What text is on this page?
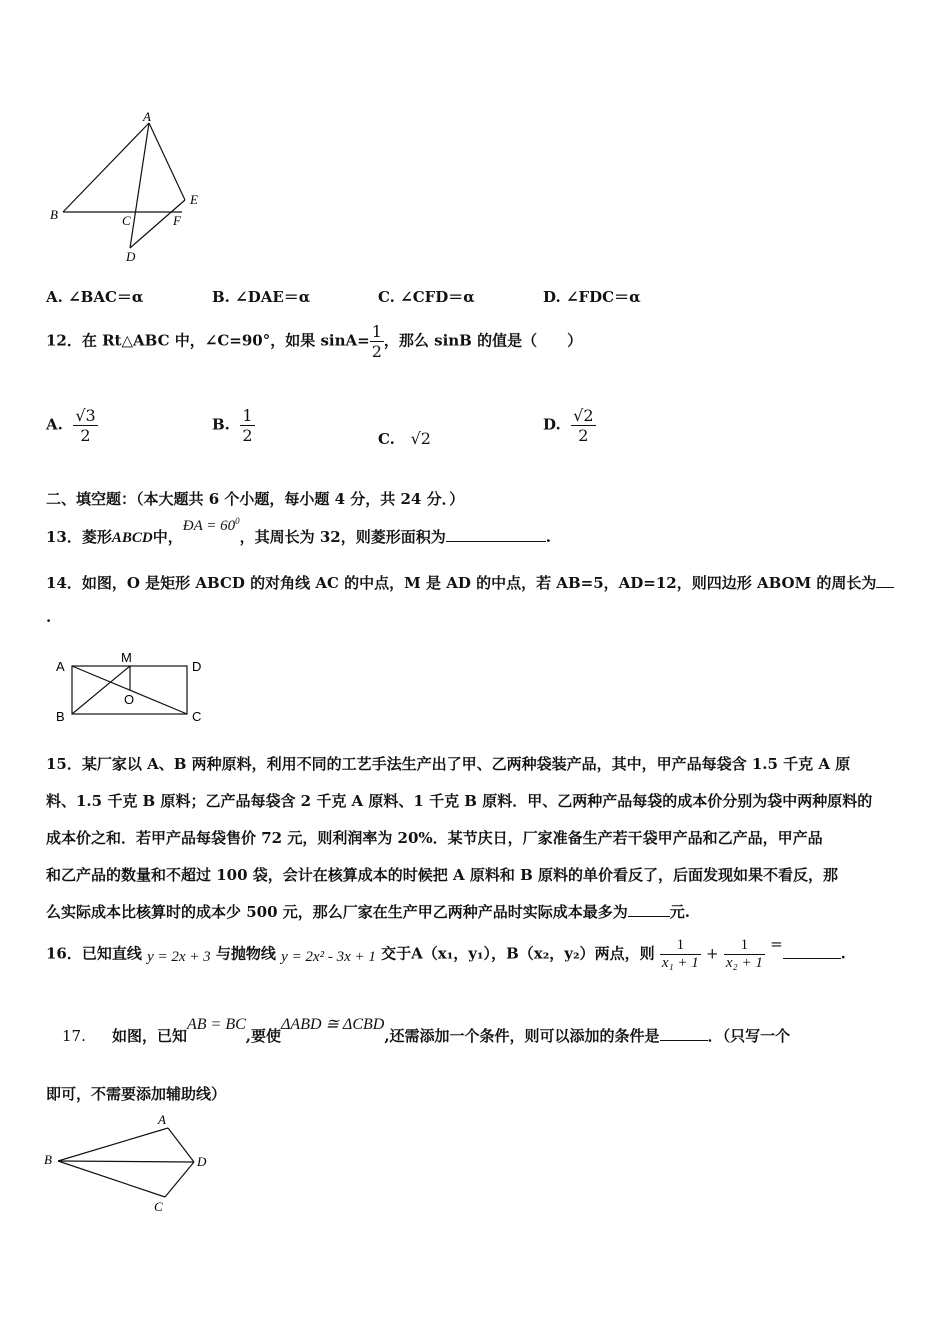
A
B	C
D
E
F
A. ∠BAC＝α	B. ∠DAE＝α	C. ∠CFD＝α	D. ∠FDC＝α
12．在 Rt△ABC 中，∠C=90°，如果 $\sin A= \frac{1}{2}$ ，那么 sinB 的值是（　　）
A. $\frac{√3}{2}$	B. $\frac{1}{2}$	C. √2
D. $\frac{√2}{2}$
二、填空题：（本大题共 6 个小题，每小题 4 分，共 24 分．）
13．菱形ABCD中，ÐA = $60^0$，其周长为 32，则菱形面积为	.
14．如图，O 是矩形 ABCD 的对角线 AC 的中点，M 是 AD 的中点，若 AB=5，AD=12，则四边形 ABOM 的周长为
.
A
M
D
O
B	C
15．某厂家以 A、B 两种原料，利用不同的工艺手法生产出了甲、乙两种袋装产品，其中，甲产品每袋含 1.5 千克 A 原
料、1.5 千克 B 原料；乙产品每袋含 2 千克 A 原料、1 千克 B 原料．甲、乙两种产品每袋的成本价分别为袋中两种原料的
成本价之和．若甲产品每袋售价 72 元，则利润率为 20%．某节庆日，厂家准备生产若干袋甲产品和乙产品，甲产品
和乙产品的数量和不超过 100 袋，会计在核算成本的时候把 A 原料和 B 原料的单价看反了，后面发现如果不看反，那
么实际成本比核算时的成本少 500 元，那么厂家在生产甲乙两种产品时实际成本最多为	元.
16．已知直线 y = 2x + 3 与抛物线 y = 2x² - 3x + 1 交于A（x₁，y₁），B（x₂，y₂）两点，则 $\frac{1}{\text{x₁ + 1}} + \frac{1}{\text{x₂ + 1}}$ =.
17. 如图，已知AB = BC,要使ΔABD ≅ ΔCBD,还需添加一个条件，则可以添加的条件是	．（只写一个
即可，不需要添加辅助线）
A
B
C
D
